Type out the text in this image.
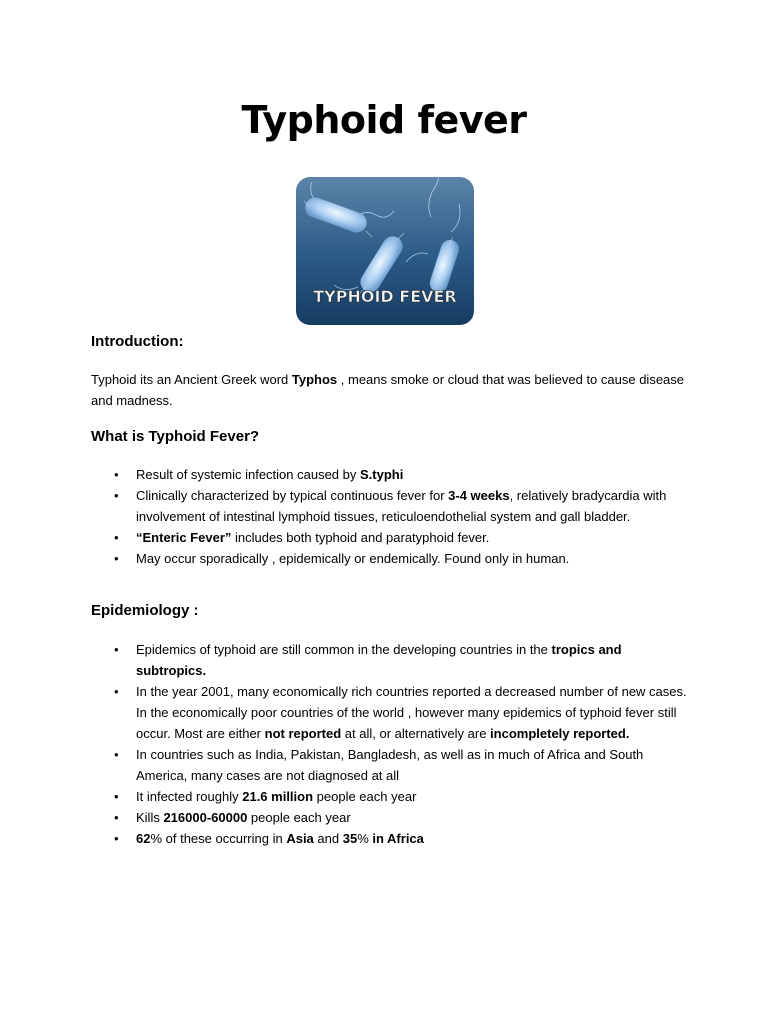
Typhoid fever
TYPHOID FEVER
Introduction:

Typhoid its an Ancient Greek word Typhos , means smoke or cloud that was believed to cause disease and madness.

What is Typhoid Fever?
• Result of systemic infection caused by S.typhi
• Clinically characterized by typical continuous fever for 3-4 weeks, relatively bradycardia with involvement of intestinal lymphoid tissues, reticuloendothelial system and gall bladder.
• “Enteric Fever” includes both typhoid and paratyphoid fever.
• May occur sporadically , epidemically or endemically. Found only in human.
Epidemiology :
• Epidemics of typhoid are still common in the developing countries in the tropics and subtropics.
• In the year 2001, many economically rich countries reported a decreased number of new cases. In the economically poor countries of the world , however many epidemics of typhoid fever still occur. Most are either not reported at all, or alternatively are incompletely reported.
• In countries such as India, Pakistan, Bangladesh, as well as in much of Africa and South America, many cases are not diagnosed at all
• It infected roughly 21.6 million people each year
• Kills 216000-60000 people each year
• 62% of these occurring in Asia and 35% in Africa
